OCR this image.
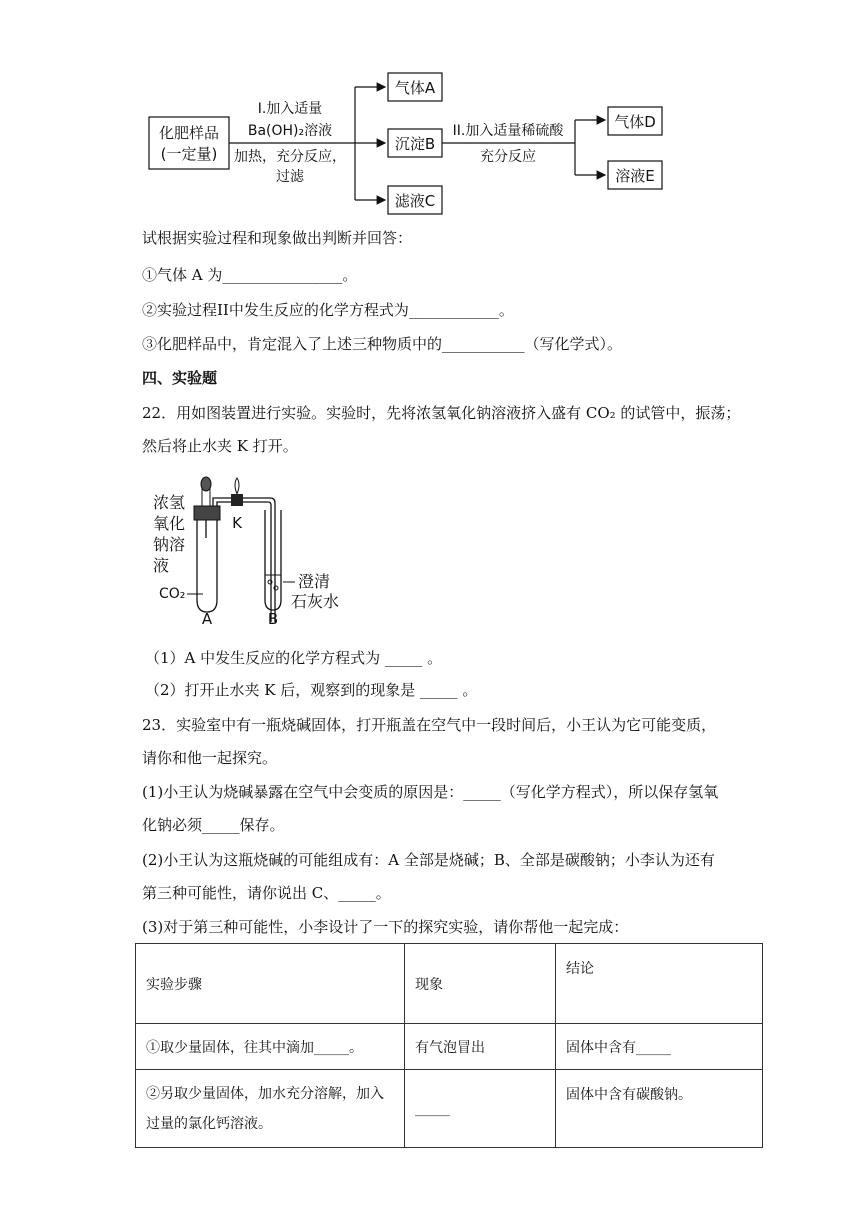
化肥样品
(一定量)
I.加入适量
Ba(OH)₂溶液
加热，充分反应，
过滤
气体A
沉淀B
滤液C
II.加入适量稀硫酸
充分反应
气体D
溶液E
试根据实验过程和现象做出判断并回答：
①气体 A 为________________。
②实验过程II中发生反应的化学方程式为____________。
③化肥样品中，肯定混入了上述三种物质中的___________（写化学式）。
四、实验题
22．用如图装置进行实验。实验时，先将浓氢氧化钠溶液挤入盛有 CO₂ 的试管中，振荡；
然后将止水夹 K 打开。
K
浓氢
氧化
钠溶
液
CO₂
澄清
石灰水
A	B
（1）A 中发生反应的化学方程式为 _____ 。
（2）打开止水夹 K 后，观察到的现象是 _____ 。
23．实验室中有一瓶烧碱固体，打开瓶盖在空气中一段时间后，小王认为它可能变质，
请你和他一起探究。
(1)小王认为烧碱暴露在空气中会变质的原因是：_____（写化学方程式），所以保存氢氧
化钠必须_____保存。
(2)小王认为这瓶烧碱的可能组成有：A 全部是烧碱；B、全部是碳酸钠；小李认为还有
第三种可能性，请你说出 C、_____。
(3)对于第三种可能性，小李设计了一下的探究实验，请你帮他一起完成：
实验步骤	现象	结论
①取少量固体，往其中滴加_____。	有气泡冒出	固体中含有_____
②另取少量固体，加水充分溶解，加入过量的氯化钙溶液。	_____	固体中含有碳酸钠。
